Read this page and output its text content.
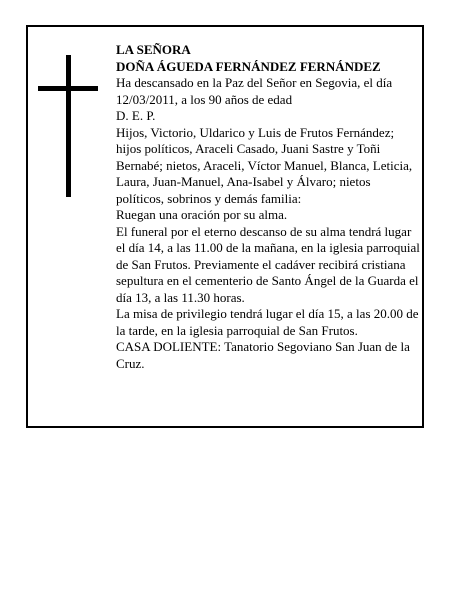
LA SEÑORA

DOÑA ÁGUEDA FERNÁNDEZ FERNÁNDEZ

Ha descansado en la Paz del Señor en Segovia, el día 12/03/2011, a los 90 años de edad

D. E. P.

Hijos, Victorio, Uldarico y Luis de Frutos Fernández; hijos políticos, Araceli Casado, Juani Sastre y Toñi Bernabé; nietos, Araceli, Víctor Manuel, Blanca, Leticia, Laura, Juan-Manuel, Ana-Isabel y Álvaro; nietos políticos, sobrinos y demás familia:

Ruegan una oración por su alma.

El funeral por el eterno descanso de su alma tendrá lugar el día 14, a las 11.00 de la mañana, en la iglesia parroquial de San Frutos. Previamente el cadáver recibirá cristiana sepultura en el cementerio de Santo Ángel de la Guarda el día 13, a las 11.30 horas.

La misa de privilegio tendrá lugar el día 15, a las 20.00 de la tarde, en la iglesia parroquial de San Frutos.

CASA DOLIENTE: Tanatorio Segoviano San Juan de la Cruz.
